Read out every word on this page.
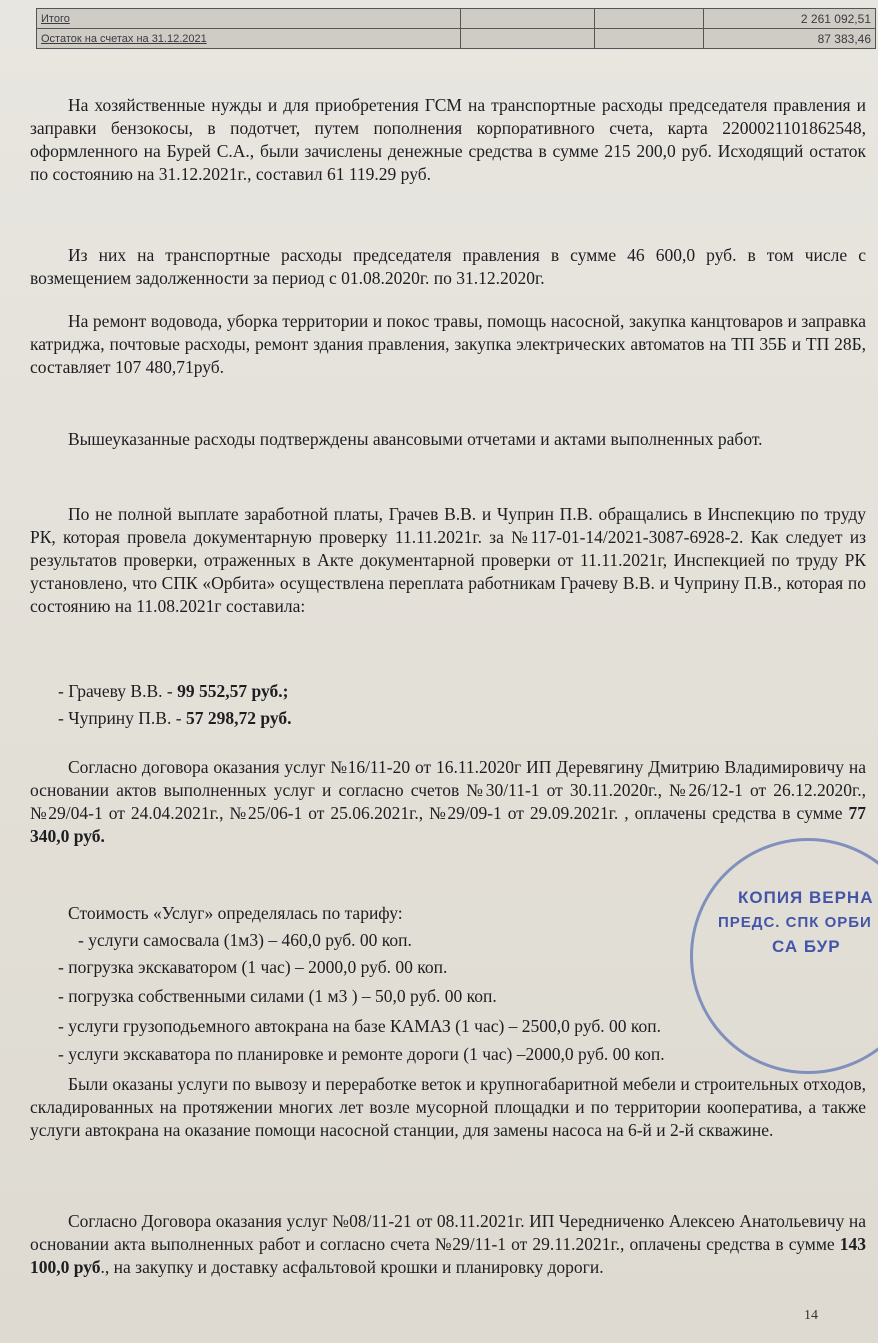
Итого			2 261 092,51
Остаток на счетах на 31.12.2021			87 383,46

На хозяйственные нужды и для приобретения ГСМ на транспортные расходы председателя правления и заправки бензокосы, в подотчет, путем пополнения корпоративного счета, карта 2200021101862548, оформленного на Бурей С.А., были зачислены денежные средства в сумме 215 200,0 руб. Исходящий остаток по состоянию на 31.12.2021г., составил 61 119.29 руб.

Из них на транспортные расходы председателя правления в сумме 46 600,0 руб. в том числе с возмещением задолженности за период с 01.08.2020г. по 31.12.2020г.

На ремонт водовода, уборка территории и покос травы, помощь насосной, закупка канцтоваров и заправка катриджа, почтовые расходы, ремонт здания правления, закупка электрических автоматов на ТП 35Б и ТП 28Б, составляет 107 480,71руб.

Вышеуказанные расходы подтверждены авансовыми отчетами и актами выполненных работ.

По не полной выплате заработной платы, Грачев В.В. и Чуприн П.В. обращались в Инспекцию по труду РК, которая провела документарную проверку 11.11.2021г. за №117-01-14/2021-3087-6928-2. Как следует из результатов проверки, отраженных в Акте документарной проверки от 11.11.2021г, Инспекцией по труду РК установлено, что СПК «Орбита» осуществлена переплата работникам Грачеву В.В. и Чуприну П.В., которая по состоянию на 11.08.2021г составила:

- Грачеву В.В. - 99 552,57 руб.;
- Чуприну П.В. - 57 298,72 руб.

Согласно договора оказания услуг №16/11-20 от 16.11.2020г ИП Деревягину Дмитрию Владимировичу на основании актов выполненных услуг и согласно счетов №30/11-1 от 30.11.2020г., №26/12-1 от 26.12.2020г., №29/04-1 от 24.04.2021г., №25/06-1 от 25.06.2021г., №29/09-1 от 29.09.2021г. , оплачены средства в сумме 77 340,0 руб.

Стоимость «Услуг» определялась по тарифу:
- услуги самосвала (1м3) – 460,0 руб. 00 коп.
- погрузка экскаватором (1 час) – 2000,0 руб. 00 коп.
- погрузка собственными силами (1 м3 ) – 50,0 руб. 00 коп.
- услуги грузоподьемного автокрана на базе КАМАЗ (1 час) – 2500,0 руб. 00 коп.
- услуги экскаватора по планировке и ремонте дороги (1 час) –2000,0 руб. 00 коп.

Были оказаны услуги по вывозу и переработке веток и крупногабаритной мебели и строительных отходов, складированных на протяжении многих лет возле мусорной площадки и по территории кооператива, а также услуги автокрана на оказание помощи насосной станции, для замены насоса на 6-й и 2-й скважине.

Согласно Договора оказания услуг №08/11-21 от 08.11.2021г. ИП Чередниченко Алексею Анатольевичу на основании акта выполненных работ и согласно счета №29/11-1 от 29.11.2021г., оплачены средства в сумме 143 100,0 руб., на закупку и доставку асфальтовой крошки и планировку дороги.

КОПИЯ ВЕРНА
ПРЕДС. СПК ОРБИ
СА БУР
14
